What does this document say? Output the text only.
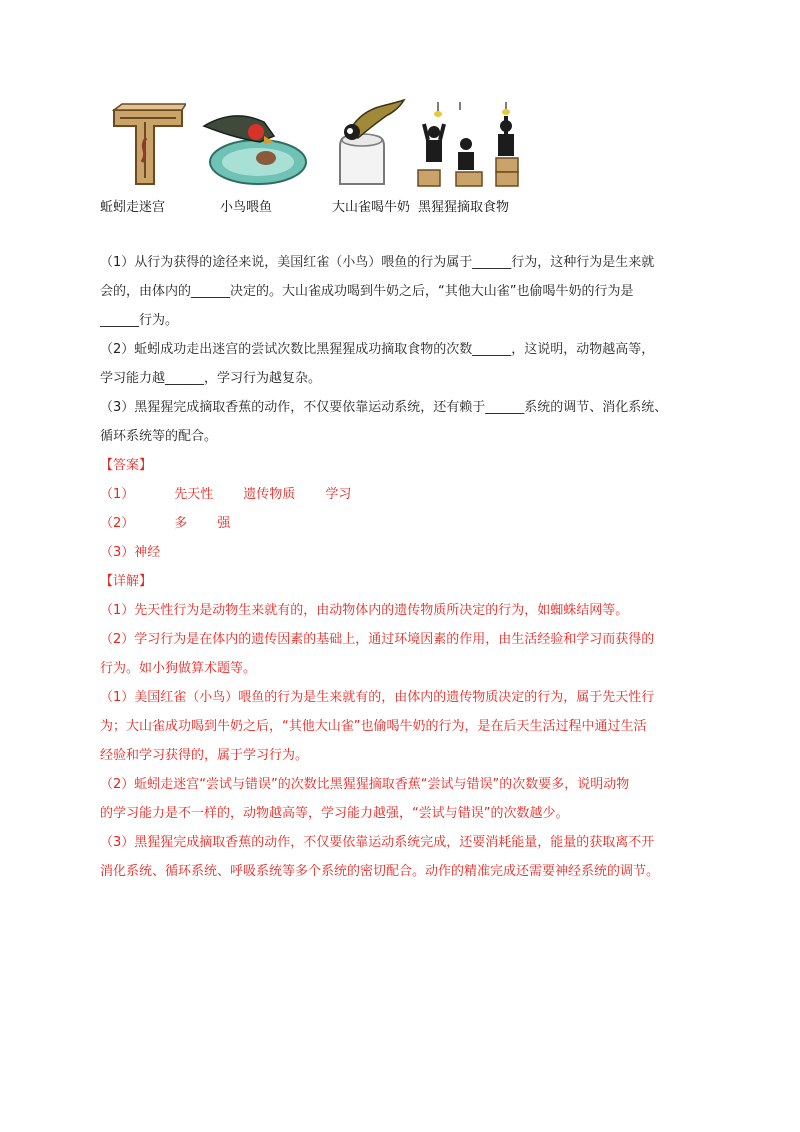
蚯蚓走迷宫	小鸟喂鱼	大山雀喝牛奶 黑猩猩摘取食物
（1）从行为获得的途径来说，美国红雀（小鸟）喂鱼的行为属于______行为，这种行为是生来就
会的，由体内的______决定的。大山雀成功喝到牛奶之后，“其他大山雀”也偷喝牛奶的行为是
______行为。
（2）蚯蚓成功走出迷宫的尝试次数比黑猩猩成功摘取食物的次数______，这说明，动物越高等，
学习能力越______，学习行为越复杂。
（3）黑猩猩完成摘取香蕉的动作，不仅要依靠运动系统，还有赖于______系统的调节、消化系统、
循环系统等的配合。
【答案】
（1）	先天性 遗传物质 学习
（2）	多 强
（3）神经
【详解】
（1）先天性行为是动物生来就有的，由动物体内的遗传物质所决定的行为，如蜘蛛结网等。
（2）学习行为是在体内的遗传因素的基础上，通过环境因素的作用，由生活经验和学习而获得的
行为。如小狗做算术题等。
（1）美国红雀（小鸟）喂鱼的行为是生来就有的，由体内的遗传物质决定的行为，属于先天性行
为；大山雀成功喝到牛奶之后，“其他大山雀”也偷喝牛奶的行为，是在后天生活过程中通过生活
经验和学习获得的，属于学习行为。
（2）蚯蚓走迷宫“尝试与错误”的次数比黑猩猩摘取香蕉“尝试与错误”的次数要多，说明动物
的学习能力是不一样的，动物越高等，学习能力越强，“尝试与错误”的次数越少。
（3）黑猩猩完成摘取香蕉的动作，不仅要依靠运动系统完成，还要消耗能量，能量的获取离不开
消化系统、循环系统、呼吸系统等多个系统的密切配合。动作的精准完成还需要神经系统的调节。
